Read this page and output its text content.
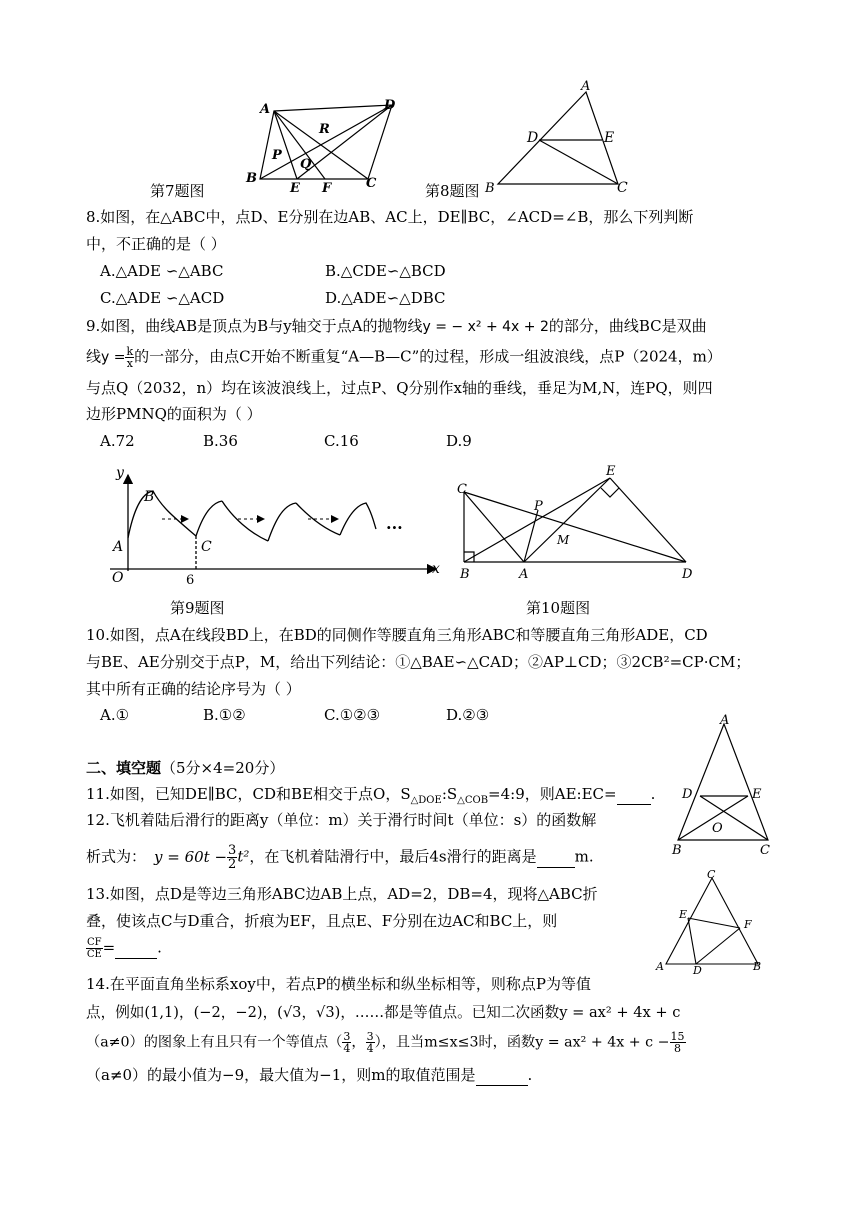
A	D
R
P
Q
B
E F	C
第7题图	第8题图
A
D	E
B	C
8.如图，在△ABC中，点D、E分别在边AB、AC上，DE∥BC，∠ACD=∠B，那么下列判断
中，不正确的是（ ）
A.△ADE ∽△ABC	B.△CDE∽△BCD
C.△ADE ∽△ACD	D.△ADE∽△DBC
9.如图，曲线AB是顶点为B与y轴交于点A的抛物线y = − x² + 4x + 2的部分，曲线BC是双曲
线$y = \frac{k}{x}$ 的一部分，由点C开始不断重复“A—B—C”的过程，形成一组波浪线，点P（2024，m）
与点Q（2032，n）均在该波浪线上，过点P、Q分别作x轴的垂线，垂足为M,N，连PQ，则四
边形PMNQ的面积为（ ）
A.72	B.36	C.16	D.9
y
B
A
O	6
C
x
···
第9题图
C
E
P
M
B	A	D
第10题图
10.如图，点A在线段BD上，在BD的同侧作等腰直角三角形ABC和等腰直角三角形ADE，CD
与BE、AE分别交于点P，M，给出下列结论：①△BAE∽△CAD；②AP⊥CD；③2CB²=CP·CM；
其中所有正确的结论序号为（ ）
A.①	B.①②	C.①②③	D.②③	A
D	E
O
B	C
二、填空题（5分×4=20分）
11.如图，已知DE∥BC，CD和BE相交于点O，$S_{\triangle DOE}:S_{\triangle COB}=4:9$，则AE:EC= .
12.飞机着陆后滑行的距离y（单位：m）关于滑行时间t（单位：s）的函数解
析式为： $y = 60t - \frac{3}{2} t^2$，在飞机着陆滑行中，最后4s滑行的距离是	m.
C
E
F
A	D	B
13.如图，点D是等边三角形ABC边AB上点，AD=2，DB=4，现将△ABC折
叠，使该点C与D重合，折痕为EF，且点E、F分别在边AC和BC上，则
$\frac{CF}{CE}$ =	.
14.在平面直角坐标系xoy中，若点P的横坐标和纵坐标相等，则称点P为等值
点，例如(1,1)，(−2，−2)，(√3，√3)，……都是等值点。已知二次函数y = ax² + 4x + c
（a≠0）的图象上有且只有一个等值点（ $\frac{3}{4}$ ， $\frac{3}{4}$ ），且当m≤x≤3时，函数$y = ax^2 + 4x + c - \frac{15}{8}$
（a≠0）的最小值为−9，最大值为−1，则m的取值范围是	.
